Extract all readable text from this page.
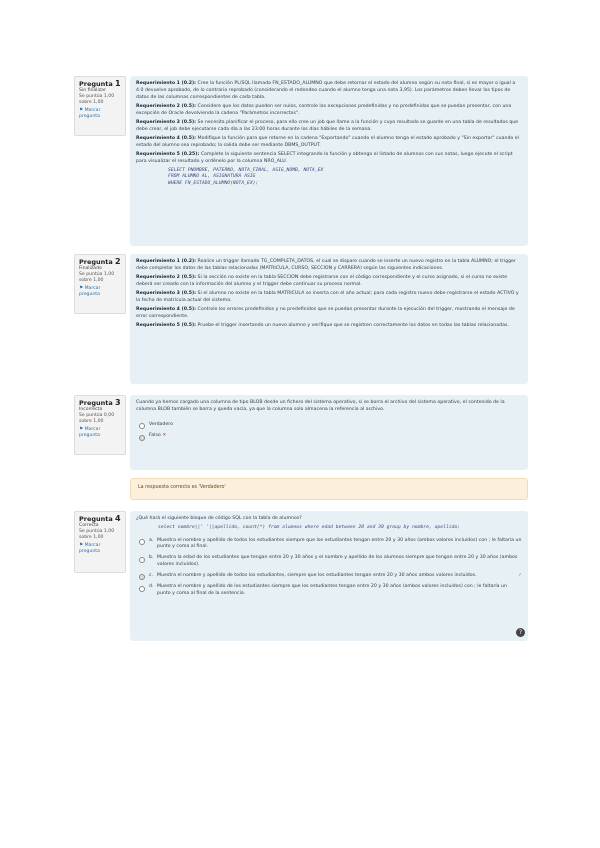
Pregunta 1
Sin finalizar
Se puntúa 1,00 sobre 1,00
⚑ Marcar pregunta

Requerimiento 1 (0.2): Cree la función PL/SQL llamada FN_ESTADO_ALUMNO que debe retornar el estado del alumno según su nota final, si es mayor o igual a 4.0 devuelve aprobado, de lo contrario reprobado (considerando el redondeo cuando el alumno tenga una nota 3,95). Los parámetros deben llevar los tipos de datos de las columnas correspondientes de cada tabla.

Requerimiento 2 (0.5): Considere que los datos pueden ser nulos, controle las excepciones predefinidas y no predefinidas que se puedan presentar, con una excepción de Oracle devolviendo la cadena "Parámetros incorrectos".

Requerimiento 3 (0.5): Se necesita planificar el proceso, para ello cree un job que llame a la función y cuyo resultado se guarde en una tabla de resultados que debe crear, el job debe ejecutarse cada día a las 23:00 horas durante los días hábiles de la semana.

Requerimiento 4 (0.5): Modifique la función para que retorne en la cadena "Exportando" cuando el alumno tenga el estado aprobado y "Sin exportar" cuando el estado del alumno sea reprobado; la salida debe ser mediante DBMS_OUTPUT.

Requerimiento 5 (0.25): Complete la siguiente sentencia SELECT integrando la función y obtenga el listado de alumnos con sus notas, luego ejecute el script para visualizar el resultado y ordénelo por la columna NRO_ALU.

SELECT PNOMBRE, PATERNO, NOTA_FINAL, ASIG_NOMB, NOTA_EX
FROM ALUMNO AL, ASIGNATURA ASIG
WHERE FN_ESTADO_ALUMNO(NOTA_EX);
Pregunta 2
Finalizado
Se puntúa 1,00 sobre 1,00
⚑ Marcar pregunta

Requerimiento 1 (0.2): Realice un trigger llamado TG_COMPLETA_DATOS, el cual se dispare cuando se inserte un nuevo registro en la tabla ALUMNO; el trigger debe completar los datos de las tablas relacionadas (MATRICULA, CURSO, SECCION y CARRERA) según las siguientes indicaciones.

Requerimiento 2 (0.5): Si la sección no existe en la tabla SECCION debe registrarse con el código correspondiente y el curso asignado, si el curso no existe deberá ser creado con la información del alumno y el trigger debe continuar su proceso normal.

Requerimiento 3 (0.5): Si el alumno no existe en la tabla MATRICULA se inserta con el año actual; para cada registro nuevo debe registrarse el estado ACTIVO y la fecha de matrícula actual del sistema.

Requerimiento 4 (0.5): Controle los errores predefinidos y no predefinidos que se puedan presentar durante la ejecución del trigger, mostrando el mensaje de error correspondiente.

Requerimiento 5 (0.5): Pruebe el trigger insertando un nuevo alumno y verifique que se registren correctamente los datos en todas las tablas relacionadas.

Pregunta 3
Incorrecta
Se puntúa 0,00 sobre 1,00
⚑ Marcar pregunta

Cuando ya hemos cargado una columna de tipo BLOB desde un fichero del sistema operativo, si se borra el archivo del sistema operativo, el contenido de la columna BLOB también se borra y queda vacía, ya que la columna solo almacena la referencia al archivo.

Verdadero
Falso ✕
La respuesta correcta es 'Verdadero'
Pregunta 4
Correcta
Se puntúa 1,00 sobre 1,00
⚑ Marcar pregunta

¿Qué hará el siguiente bloque de código SQL con la tabla de alumnos?

select nombre||' '||apellido, count(*) from alumnos where edad between 20 and 30 group by nombre, apellido;
a. Muestra el nombre y apellido de todos los estudiantes siempre que los estudiantes tengan entre 20 y 30 años (ambos valores incluidos) con ; le faltaría un punto y coma al final.
b. Muestra la edad de los estudiantes que tengan entre 20 y 30 años y el nombre y apellido de los alumnos siempre que tengan entre 20 y 30 años (ambos valores incluidos).
c. Muestra el nombre y apellido de todos los estudiantes, siempre que los estudiantes tengan entre 20 y 30 años ambos valores incluidos.	✓
d. Muestra el nombre y apellido de los estudiantes siempre que los estudiantes tengan entre 20 y 30 años (ambos valores incluidos) con ; le faltaría un punto y coma al final de la sentencia.
?
